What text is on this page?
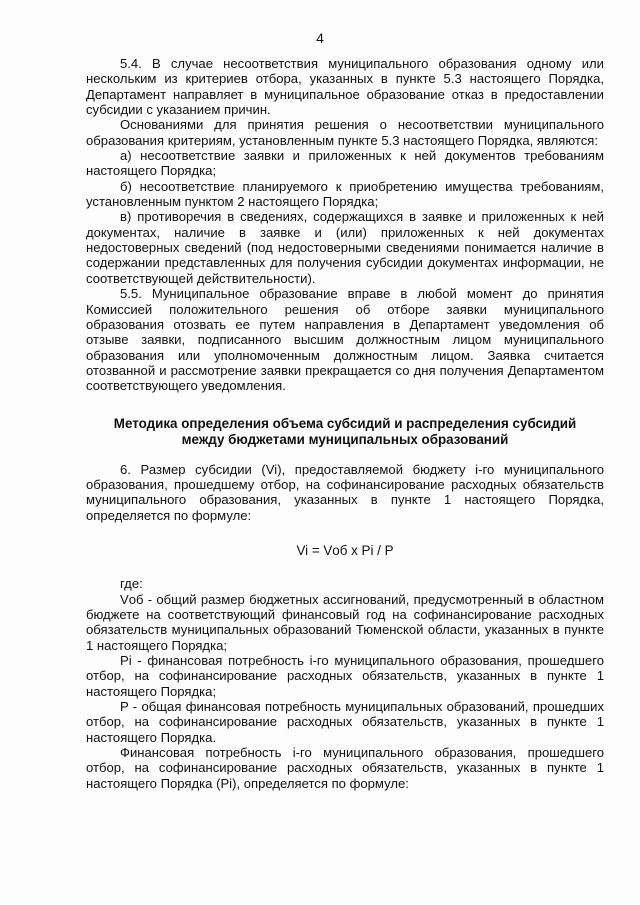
4

5.4. В случае несоответствия муниципального образования одному или нескольким из критериев отбора, указанных в пункте 5.3 настоящего Порядка, Департамент направляет в муниципальное образование отказ в предоставлении субсидии с указанием причин.

Основаниями для принятия решения о несоответствии муниципального образования критериям, установленным пункте 5.3 настоящего Порядка, являются:

а) несоответствие заявки и приложенных к ней документов требованиям настоящего Порядка;

б) несоответствие планируемого к приобретению имущества требованиям, установленным пунктом 2 настоящего Порядка;

в) противоречия в сведениях, содержащихся в заявке и приложенных к ней документах, наличие в заявке и (или) приложенных к ней документах недостоверных сведений (под недостоверными сведениями понимается наличие в содержании представленных для получения субсидии документах информации, не соответствующей действительности).

5.5. Муниципальное образование вправе в любой момент до принятия Комиссией положительного решения об отборе заявки муниципального образования отозвать ее путем направления в Департамент уведомления об отзыве заявки, подписанного высшим должностным лицом муниципального образования или уполномоченным должностным лицом. Заявка считается отозванной и рассмотрение заявки прекращается со дня получения Департаментом соответствующего уведомления.

Методика определения объема субсидий и распределения субсидий между бюджетами муниципальных образований

6. Размер субсидии (Vi), предоставляемой бюджету i-го муниципального образования, прошедшему отбор, на софинансирование расходных обязательств муниципального образования, указанных в пункте 1 настоящего Порядка, определяется по формуле:

Vi = Vоб x Pi / P

где:

Vоб - общий размер бюджетных ассигнований, предусмотренный в областном бюджете на соответствующий финансовый год на софинансирование расходных обязательств муниципальных образований Тюменской области, указанных в пункте 1 настоящего Порядка;

Pi - финансовая потребность i-го муниципального образования, прошедшего отбор, на софинансирование расходных обязательств, указанных в пункте 1 настоящего Порядка;

P - общая финансовая потребность муниципальных образований, прошедших отбор, на софинансирование расходных обязательств, указанных в пункте 1 настоящего Порядка.

Финансовая потребность i-го муниципального образования, прошедшего отбор, на софинансирование расходных обязательств, указанных в пункте 1 настоящего Порядка (Pi), определяется по формуле:
